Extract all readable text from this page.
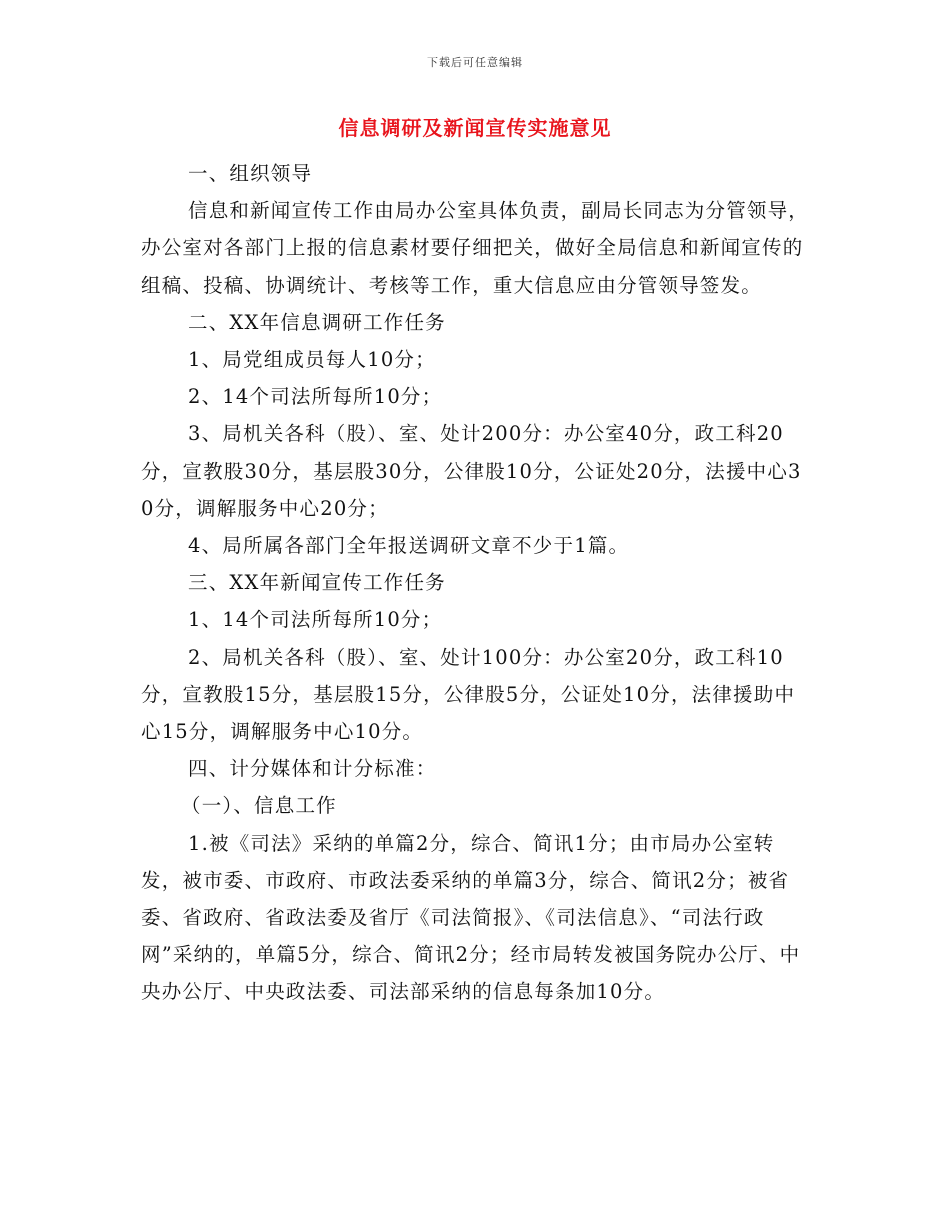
下载后可任意编辑
信息调研及新闻宣传实施意见

一、组织领导

信息和新闻宣传工作由局办公室具体负责，副局长同志为分管领导，办公室对各部门上报的信息素材要仔细把关，做好全局信息和新闻宣传的组稿、投稿、协调统计、考核等工作，重大信息应由分管领导签发。

二、XX年信息调研工作任务

1、局党组成员每人10分；

2、14个司法所每所10分；

3、局机关各科（股）、室、处计200分：办公室40分，政工科20分，宣教股30分，基层股30分，公律股10分，公证处20分，法援中心30分，调解服务中心20分；

4、局所属各部门全年报送调研文章不少于1篇。

三、XX年新闻宣传工作任务

1、14个司法所每所10分；

2、局机关各科（股）、室、处计100分：办公室20分，政工科10分，宣教股15分，基层股15分，公律股5分，公证处10分，法律援助中心15分，调解服务中心10分。

四、计分媒体和计分标准：

（一）、信息工作

1.被《司法》采纳的单篇2分，综合、简讯1分；由市局办公室转发，被市委、市政府、市政法委采纳的单篇3分，综合、简讯2分；被省委、省政府、省政法委及省厅《司法简报》、《司法信息》、“司法行政网”采纳的，单篇5分，综合、简讯2分；经市局转发被国务院办公厅、中央办公厅、中央政法委、司法部采纳的信息每条加10分。
